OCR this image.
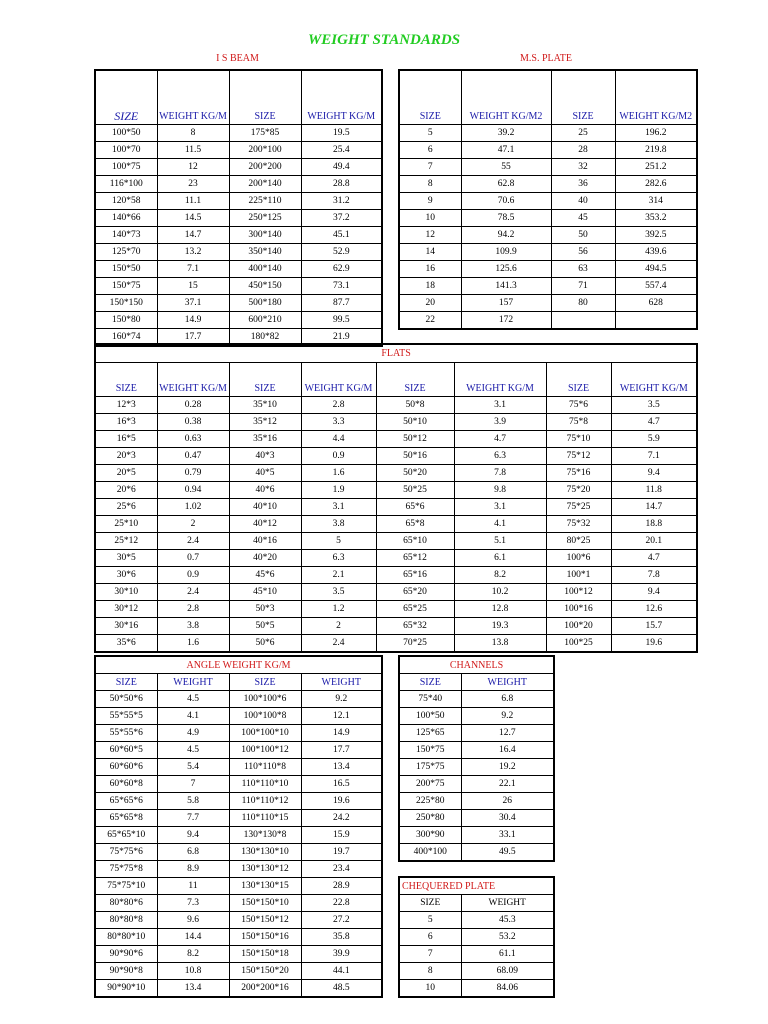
WEIGHT STANDARDS
I S BEAM	M.S. PLATE
SIZE	WEIGHT KG/M	SIZE	WEIGHT KG/M
100*50	8	175*85	19.5
100*70	11.5	200*100	25.4
100*75	12	200*200	49.4
116*100	23	200*140	28.8
120*58	11.1	225*110	31.2
140*66	14.5	250*125	37.2
140*73	14.7	300*140	45.1
125*70	13.2	350*140	52.9
150*50	7.1	400*140	62.9
150*75	15	450*150	73.1
150*150	37.1	500*180	87.7
150*80	14.9	600*210	99.5
160*74	17.7	180*82	21.9
SIZE	WEIGHT KG/M2	SIZE	WEIGHT KG/M2
5	39.2	25	196.2
6	47.1	28	219.8
7	55	32	251.2
8	62.8	36	282.6
9	70.6	40	314
10	78.5	45	353.2
12	94.2	50	392.5
14	109.9	56	439.6
16	125.6	63	494.5
18	141.3	71	557.4
20	157	80	628
22	172		
FLATS							
SIZE	WEIGHT KG/M	SIZE	WEIGHT KG/M	SIZE	WEIGHT KG/M	SIZE	WEIGHT KG/M
12*3	0.28	35*10	2.8	50*8	3.1	75*6	3.5
16*3	0.38	35*12	3.3	50*10	3.9	75*8	4.7
16*5	0.63	35*16	4.4	50*12	4.7	75*10	5.9
20*3	0.47	40*3	0.9	50*16	6.3	75*12	7.1
20*5	0.79	40*5	1.6	50*20	7.8	75*16	9.4
20*6	0.94	40*6	1.9	50*25	9.8	75*20	11.8
25*6	1.02	40*10	3.1	65*6	3.1	75*25	14.7
25*10	2	40*12	3.8	65*8	4.1	75*32	18.8
25*12	2.4	40*16	5	65*10	5.1	80*25	20.1
30*5	0.7	40*20	6.3	65*12	6.1	100*6	4.7
30*6	0.9	45*6	2.1	65*16	8.2	100*1	7.8
30*10	2.4	45*10	3.5	65*20	10.2	100*12	9.4
30*12	2.8	50*3	1.2	65*25	12.8	100*16	12.6
30*16	3.8	50*5	2	65*32	19.3	100*20	15.7
35*6	1.6	50*6	2.4	70*25	13.8	100*25	19.6
ANGLE WEIGHT KG/M			
SIZE	WEIGHT	SIZE	WEIGHT
50*50*6	4.5	100*100*6	9.2
55*55*5	4.1	100*100*8	12.1
55*55*6	4.9	100*100*10	14.9
60*60*5	4.5	100*100*12	17.7
60*60*6	5.4	110*110*8	13.4
60*60*8	7	110*110*10	16.5
65*65*6	5.8	110*110*12	19.6
65*65*8	7.7	110*110*15	24.2
65*65*10	9.4	130*130*8	15.9
75*75*6	6.8	130*130*10	19.7
75*75*8	8.9	130*130*12	23.4
75*75*10	11	130*130*15	28.9
80*80*6	7.3	150*150*10	22.8
80*80*8	9.6	150*150*12	27.2
80*80*10	14.4	150*150*16	35.8
90*90*6	8.2	150*150*18	39.9
90*90*8	10.8	150*150*20	44.1
90*90*10	13.4	200*200*16	48.5
CHANNELS	
SIZE	WEIGHT
75*40	6.8
100*50	9.2
125*65	12.7
150*75	16.4
175*75	19.2
200*75	22.1
225*80	26
250*80	30.4
300*90	33.1
400*100	49.5
CHEQUERED PLATE	
SIZE	WEIGHT
5	45.3
6	53.2
7	61.1
8	68.09
10	84.06
